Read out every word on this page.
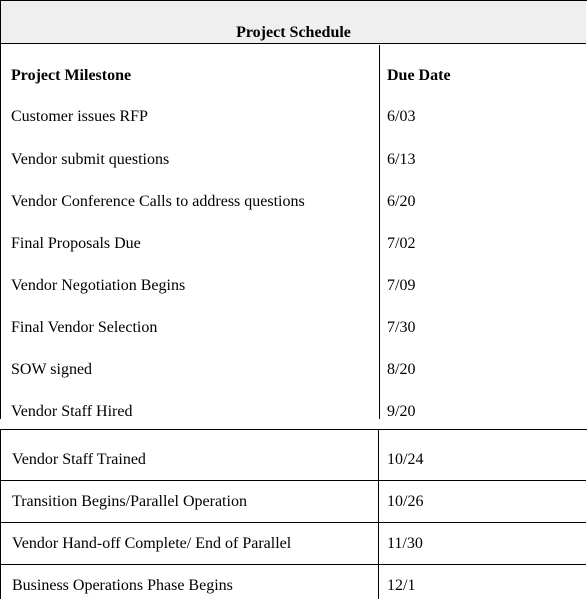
Project Schedule
Project Milestone	Due Date
Customer issues RFP	6/03
Vendor submit questions	6/13
Vendor Conference Calls to address questions	6/20
Final Proposals Due	7/02
Vendor Negotiation Begins	7/09
Final Vendor Selection	7/30
SOW signed	8/20
Vendor Staff Hired	9/20
Vendor Staff Trained	10/24
Transition Begins/Parallel Operation	10/26
Vendor Hand-off Complete/ End of Parallel	11/30
Business Operations Phase Begins	12/1
